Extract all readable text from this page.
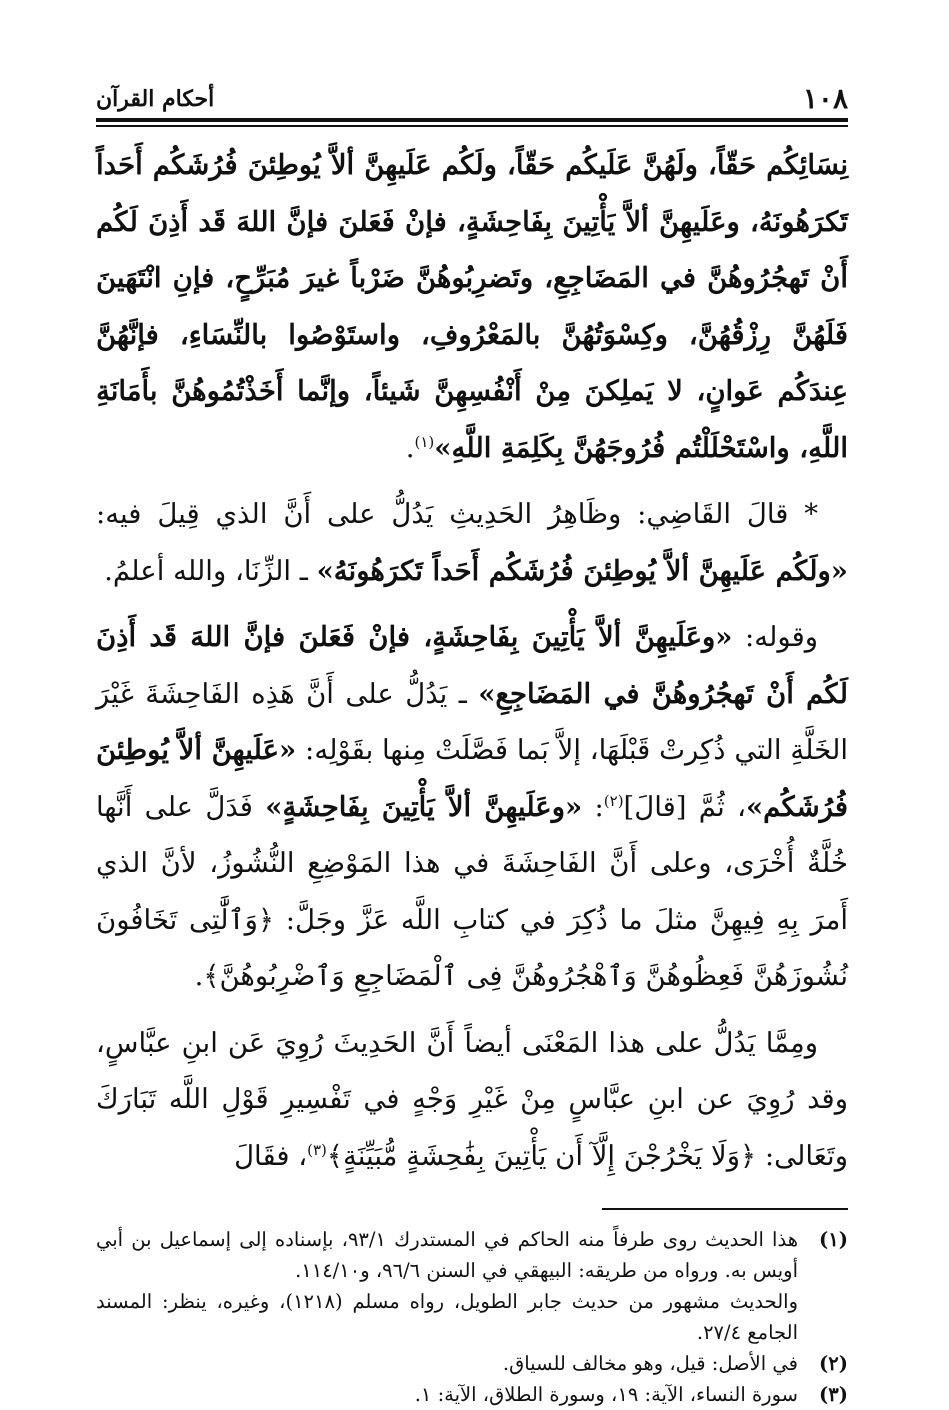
١٠٨
أحكام القرآن

نِسَائِكُم حَقّاً، ولَهُنَّ عَلَيكُم حَقّاً، ولَكُم عَلَيهِنَّ ألاَّ يُوطِئنَ فُرُشَكُم أَحَداً تَكرَهُونَهُ، وعَلَيهِنَّ ألاَّ يَأْتِينَ بِفَاحِشَةٍ، فإنْ فَعَلنَ فإنَّ اللهَ قَد أَذِنَ لَكُم أَنْ تَهجُرُوهُنَّ في المَضَاجِعِ، وتَضرِبُوهُنَّ ضَرْباً غيرَ مُبَرِّحٍ، فإنِ انْتَهَينَ فَلَهُنَّ رِزْقُهُنَّ، وكِسْوَتُهُنَّ بالمَعْرُوفِ، واستَوْصُوا بالنِّسَاءِ، فإنَّهُنَّ عِندَكُم عَوانٍ، لا يَملِكنَ مِنْ أَنْفُسِهِنَّ شَيئاً، وإنَّما أَخَذْتُمُوهُنَّ بأَمَانَةِ اللَّهِ، واسْتَحْلَلْتُم فُرُوجَهُنَّ بِكَلِمَةِ اللَّهِ»$^{(١)}$.

* قالَ القَاضِي: وظَاهِرُ الحَدِيثِ يَدُلُّ على أَنَّ الذي قِيلَ فيه: «ولَكُم عَلَيهِنَّ ألاَّ يُوطِئنَ فُرُشَكُم أَحَداً تَكرَهُونَهُ» ـ الزِّنَا، والله أعلمُ.

وقوله: «وعَلَيهِنَّ ألاَّ يَأْتِينَ بِفَاحِشَةٍ، فإنْ فَعَلنَ فإنَّ اللهَ قَد أَذِنَ لَكُم أَنْ تَهجُرُوهُنَّ في المَضَاجِعِ» ـ يَدُلُّ على أَنَّ هَذِه الفَاحِشَةَ غَيْرَ الخَلَّةِ التي ذُكِرتْ قَبْلَهَا، إلاَّ بَما فَصَّلَتْ مِنها بقَوْلِه: «عَلَيهِنَّ ألاَّ يُوطِئنَ فُرُشَكُم»، ثُمَّ [قالَ]$^{(٢)}$: «وعَلَيهِنَّ ألاَّ يَأْتِينَ بِفَاحِشَةٍ» فَدَلَّ على أَنَّها خُلَّةٌ أُخْرَى، وعلى أَنَّ الفَاحِشَةَ في هذا المَوْضِعِ النُّشُوزُ، لأنَّ الذي أَمرَ بِهِ فِيهِنَّ مثلَ ما ذُكِرَ في كتابِ اللَّه عَزَّ وجَلَّ: ﴿وَٱلَّٰتِى تَخَافُونَ نُشُوزَهُنَّ فَعِظُوهُنَّ وَٱهْجُرُوهُنَّ فِى ٱلْمَضَاجِعِ وَٱضْرِبُوهُنَّ﴾.

ومِمَّا يَدُلُّ على هذا المَعْنَى أيضاً أَنَّ الحَدِيثَ رُوِيَ عَن ابنِ عبَّاسٍ، وقد رُوِيَ عن ابنِ عبَّاسٍ مِنْ غَيْرِ وَجْهٍ في تَفْسِيرِ قَوْلِ اللَّه تَبَارَكَ وتَعَالى: ﴿وَلَا يَخْرُجْنَ إِلَّآ أَن يَأْتِينَ بِفَٰحِشَةٍ مُّبَيِّنَةٍ﴾$^{(٣)}$، فقَالَ

(١)
هذا الحديث روى طرفاً منه الحاكم في المستدرك ٩٣/١، بإسناده إلى إسماعيل بن أبي أويس به. ورواه من طريقه: البيهقي في السنن ٩٦/٦، و١١٤/١٠.
والحديث مشهور من حديث جابر الطويل، رواه مسلم (١٢١٨)، وغيره، ينظر: المسند الجامع ٢٧/٤.
(٢)
في الأصل: قيل، وهو مخالف للسياق.
(٣)
سورة النساء، الآية: ١٩، وسورة الطلاق، الآية: ١.
